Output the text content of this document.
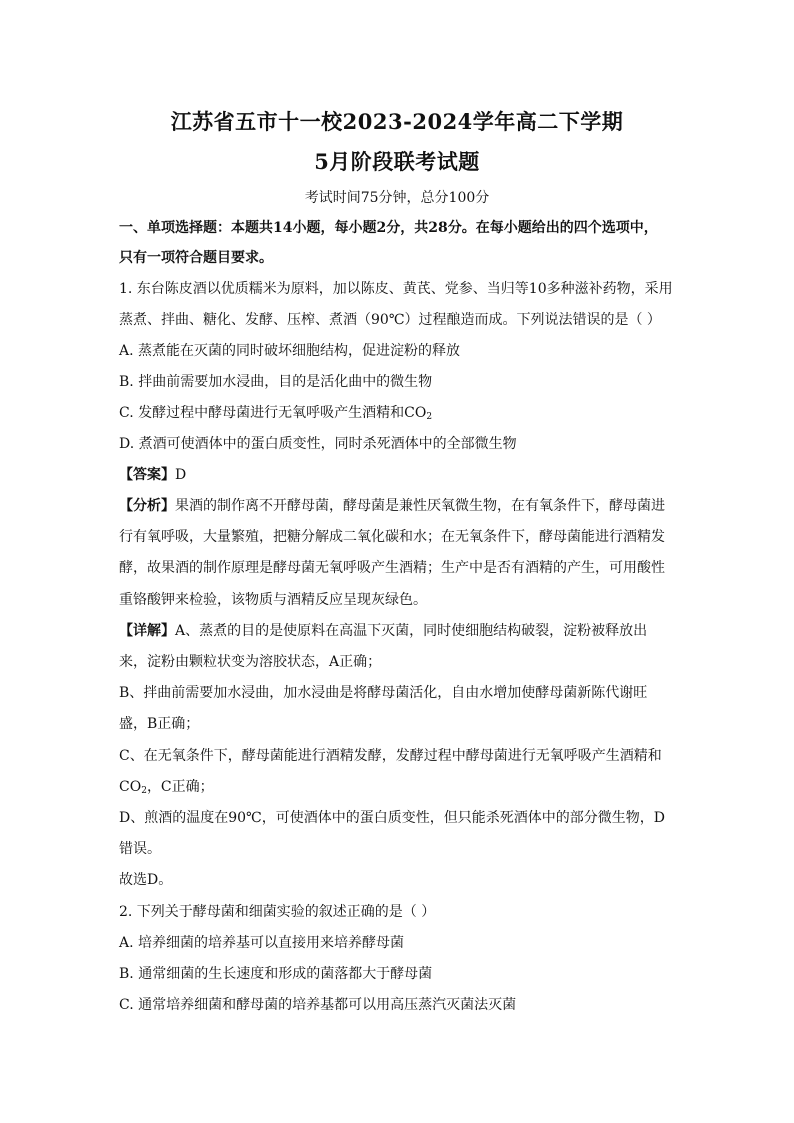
江苏省五市十一校2023-2024学年高二下学期
5月阶段联考试题
考试时间75分钟，总分100分
一、单项选择题：本题共14小题，每小题2分，共28分。在每小题给出的四个选项中，
只有一项符合题目要求。
1. 东台陈皮酒以优质糯米为原料，加以陈皮、黄芪、党参、当归等10多种滋补药物，采用
蒸煮、拌曲、糖化、发酵、压榨、煮酒（90℃）过程酿造而成。下列说法错误的是（ ）
A. 蒸煮能在灭菌的同时破坏细胞结构，促进淀粉的释放
B. 拌曲前需要加水浸曲，目的是活化曲中的微生物
C. 发酵过程中酵母菌进行无氧呼吸产生酒精和$CO_2$
D. 煮酒可使酒体中的蛋白质变性，同时杀死酒体中的全部微生物
【答案】D
【分析】果酒的制作离不开酵母菌，酵母菌是兼性厌氧微生物，在有氧条件下，酵母菌进
行有氧呼吸，大量繁殖，把糖分解成二氧化碳和水；在无氧条件下，酵母菌能进行酒精发
酵，故果酒的制作原理是酵母菌无氧呼吸产生酒精；生产中是否有酒精的产生，可用酸性
重铬酸钾来检验，该物质与酒精反应呈现灰绿色。
【详解】A、蒸煮的目的是使原料在高温下灭菌，同时使细胞结构破裂，淀粉被释放出
来，淀粉由颗粒状变为溶胶状态，A正确；
B、拌曲前需要加水浸曲，加水浸曲是将酵母菌活化，自由水增加使酵母菌新陈代谢旺
盛，B正确；
C、在无氧条件下，酵母菌能进行酒精发酵，发酵过程中酵母菌进行无氧呼吸产生酒精和
$CO_2$，C正确；
D、煎酒的温度在90℃，可使酒体中的蛋白质变性，但只能杀死酒体中的部分微生物，D
错误。
故选D。
2. 下列关于酵母菌和细菌实验的叙述正确的是（ ）
A. 培养细菌的培养基可以直接用来培养酵母菌
B. 通常细菌的生长速度和形成的菌落都大于酵母菌
C. 通常培养细菌和酵母菌的培养基都可以用高压蒸汽灭菌法灭菌
